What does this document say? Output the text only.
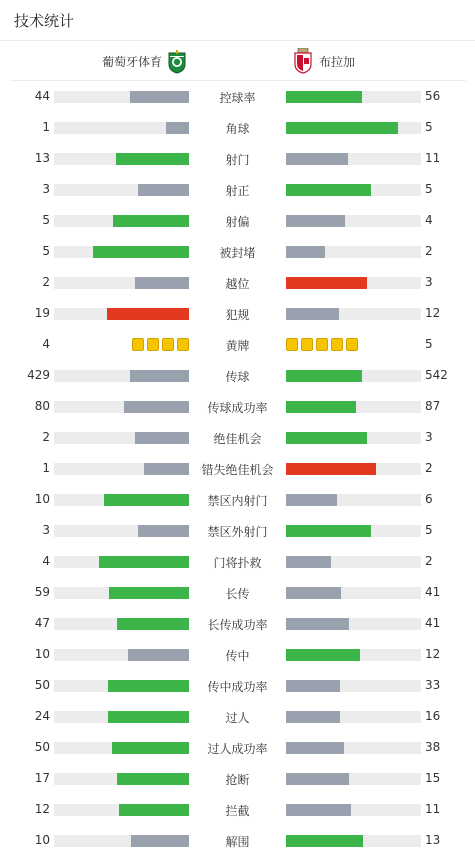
技术统计
葡萄牙体育	布拉加
44	控球率	56
1	角球	5
13	射门	11
3	射正	5
5	射偏	4
5	被封堵	2
2	越位	3
19	犯规	12
4	黄牌	5
429	传球	542
80	传球成功率	87
2	绝佳机会	3
1	错失绝佳机会	2
10	禁区内射门	6
3	禁区外射门	5
4	门将扑救	2
59	长传	41
47	长传成功率	41
10	传中	12
50	传中成功率	33
24	过人	16
50	过人成功率	38
17	抢断	15
12	拦截	11
10	解围	13
